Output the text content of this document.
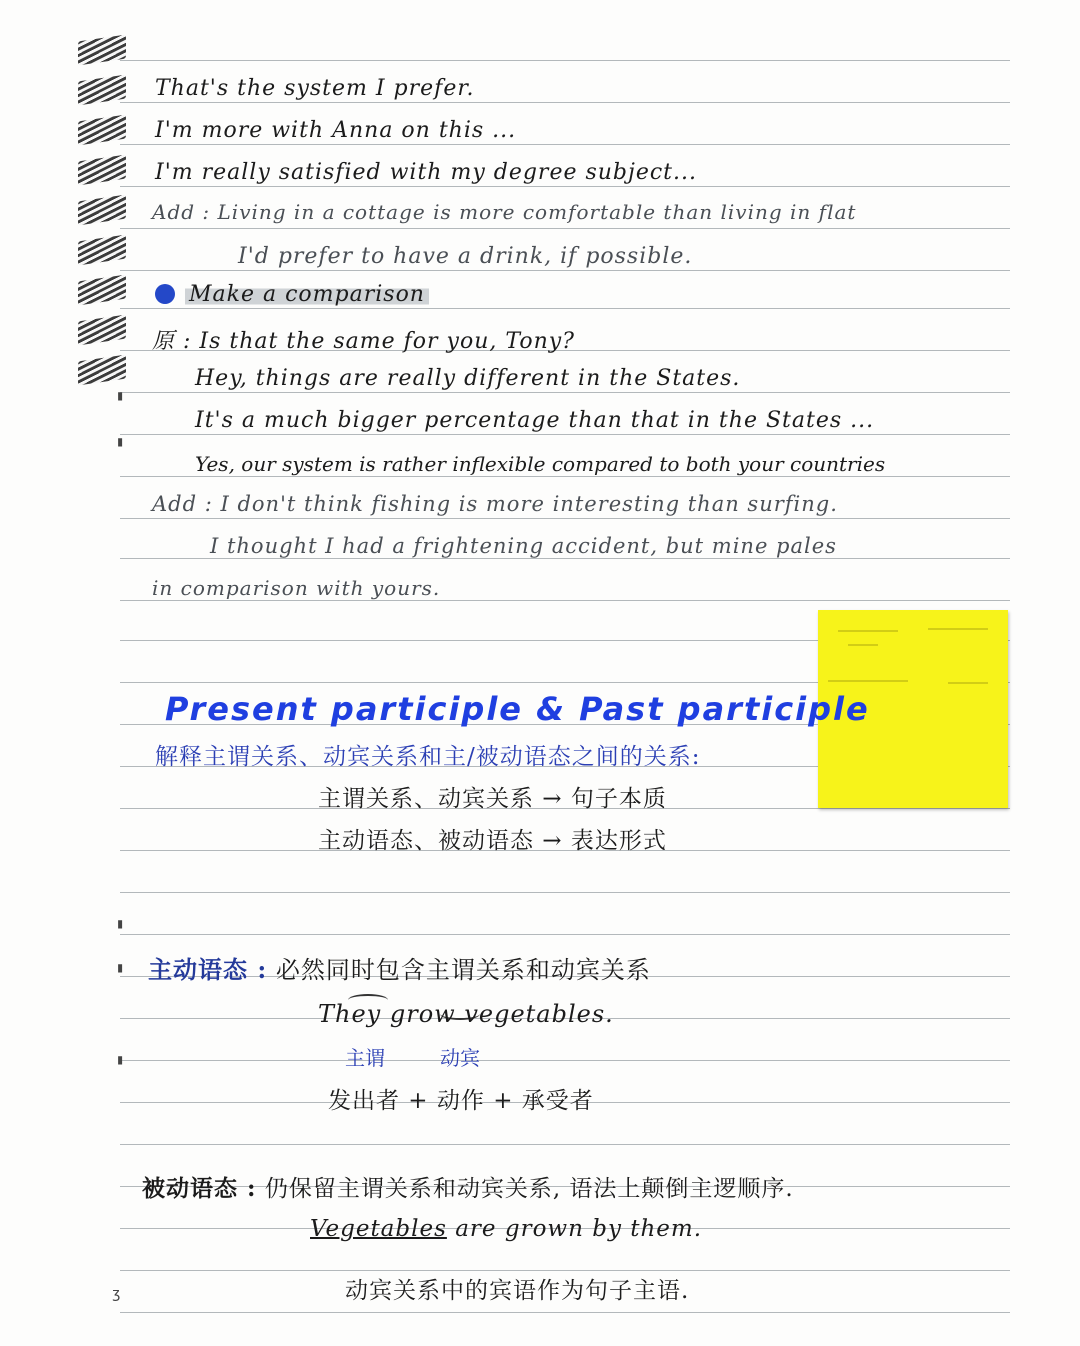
▮
▮
▮
▮
▮
ʒ
That's the system I prefer.
I'm more with Anna on this ...
I'm really satisfied with my degree subject...
Add : Living in a cottage is more comfortable than living in flat
I'd prefer to have a drink, if possible.
Make a comparison
原 : Is that the same for you, Tony?
Hey, things are really different in the States.
It's a much bigger percentage than that in the States ...
Yes, our system is rather inflexible compared to both your countries
Add : I don't think fishing is more interesting than surfing.
I thought I had a frightening accident, but mine pales
in comparison with yours.
Present participle & Past participle
解释主谓关系、动宾关系和主/被动语态之间的关系:
主谓关系、动宾关系 → 句子本质
主动语态、被动语态 → 表达形式
主动语态 : 必然同时包含主谓关系和动宾关系
They grow vegetables.
主谓	动宾
发出者 + 动作 + 承受者
被动语态 : 仍保留主谓关系和动宾关系, 语法上颠倒主逻顺序.
Vegetables are grown by them.
动宾关系中的宾语作为句子主语.
